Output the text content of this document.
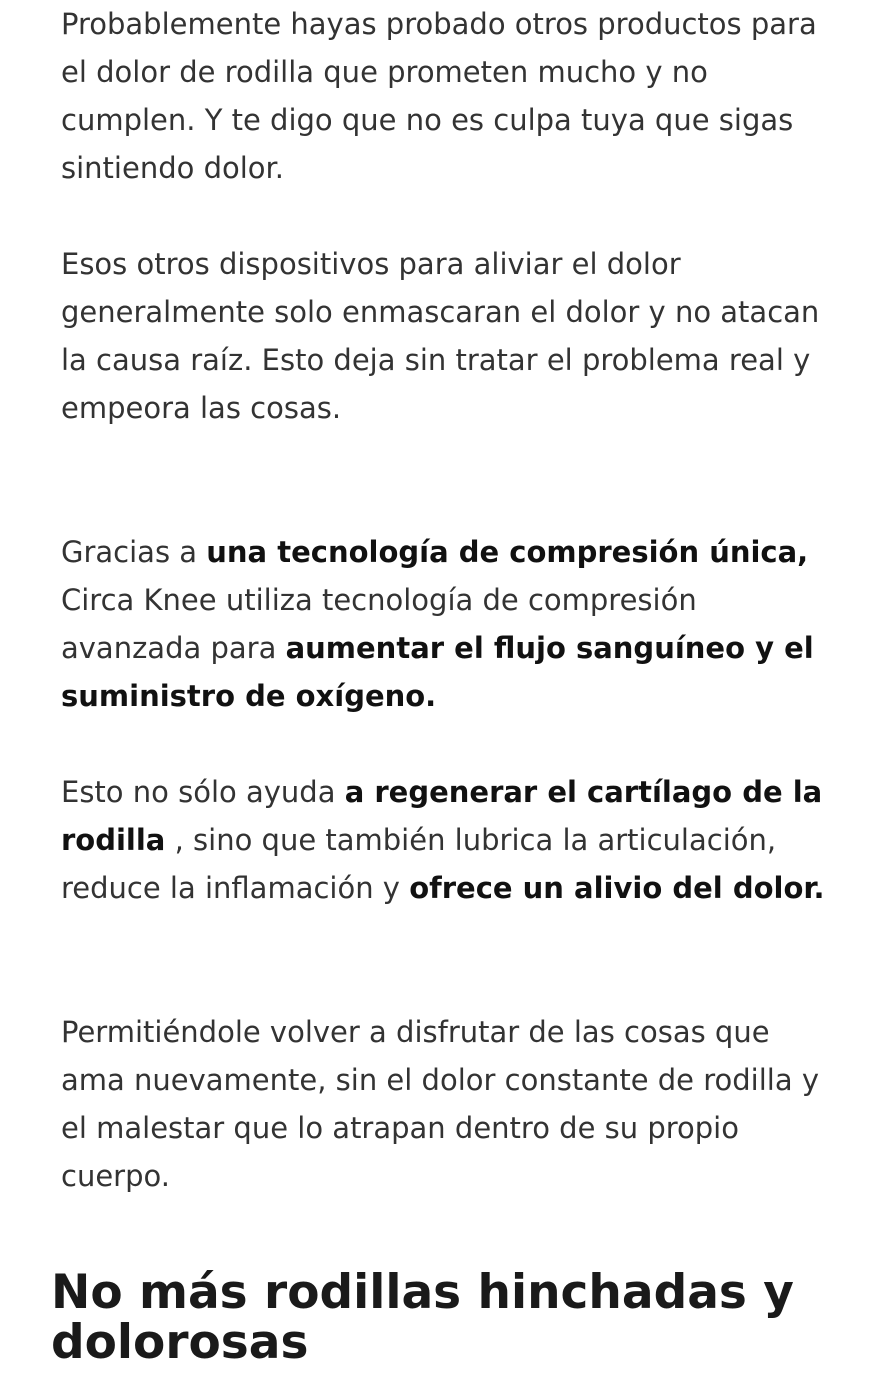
Probablemente hayas probado otros productos para el dolor de rodilla que prometen mucho y no cumplen. Y te digo que no es culpa tuya que sigas sintiendo dolor.

Esos otros dispositivos para aliviar el dolor generalmente solo enmascaran el dolor y no atacan la causa raíz. Esto deja sin tratar el problema real y empeora las cosas.

Gracias a una tecnología de compresión única, Circa Knee utiliza tecnología de compresión avanzada para aumentar el flujo sanguíneo y el suministro de oxígeno.

Esto no sólo ayuda a regenerar el cartílago de la rodilla , sino que también lubrica la articulación, reduce la inflamación y ofrece un alivio del dolor.

Permitiéndole volver a disfrutar de las cosas que ama nuevamente, sin el dolor constante de rodilla y el malestar que lo atrapan dentro de su propio cuerpo.

No más rodillas hinchadas y dolorosas
